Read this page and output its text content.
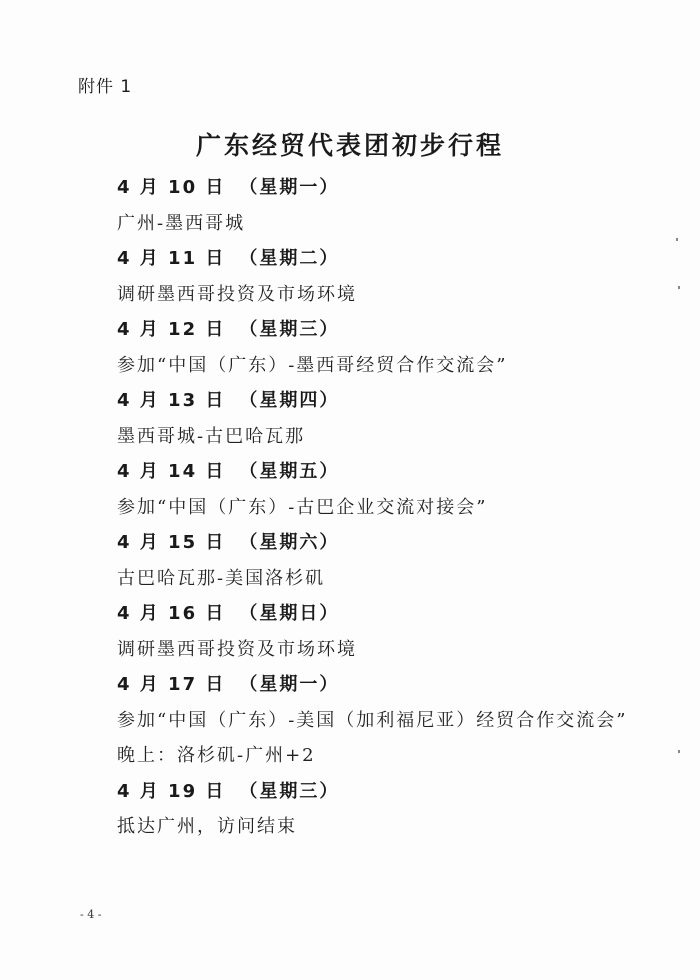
附件 1
广东经贸代表团初步行程
4 月 10 日 （星期一）
广州-墨西哥城
4 月 11 日 （星期二）
调研墨西哥投资及市场环境
4 月 12 日 （星期三）
参加“中国（广东）-墨西哥经贸合作交流会”
4 月 13 日 （星期四）
墨西哥城-古巴哈瓦那
4 月 14 日 （星期五）
参加“中国（广东）-古巴企业交流对接会”
4 月 15 日 （星期六）
古巴哈瓦那-美国洛杉矶
4 月 16 日 （星期日）
调研墨西哥投资及市场环境
4 月 17 日 （星期一）
参加“中国（广东）-美国（加利福尼亚）经贸合作交流会”
晚上：洛杉矶-广州+2
4 月 19 日 （星期三）
抵达广州，访问结束
- 4 -
